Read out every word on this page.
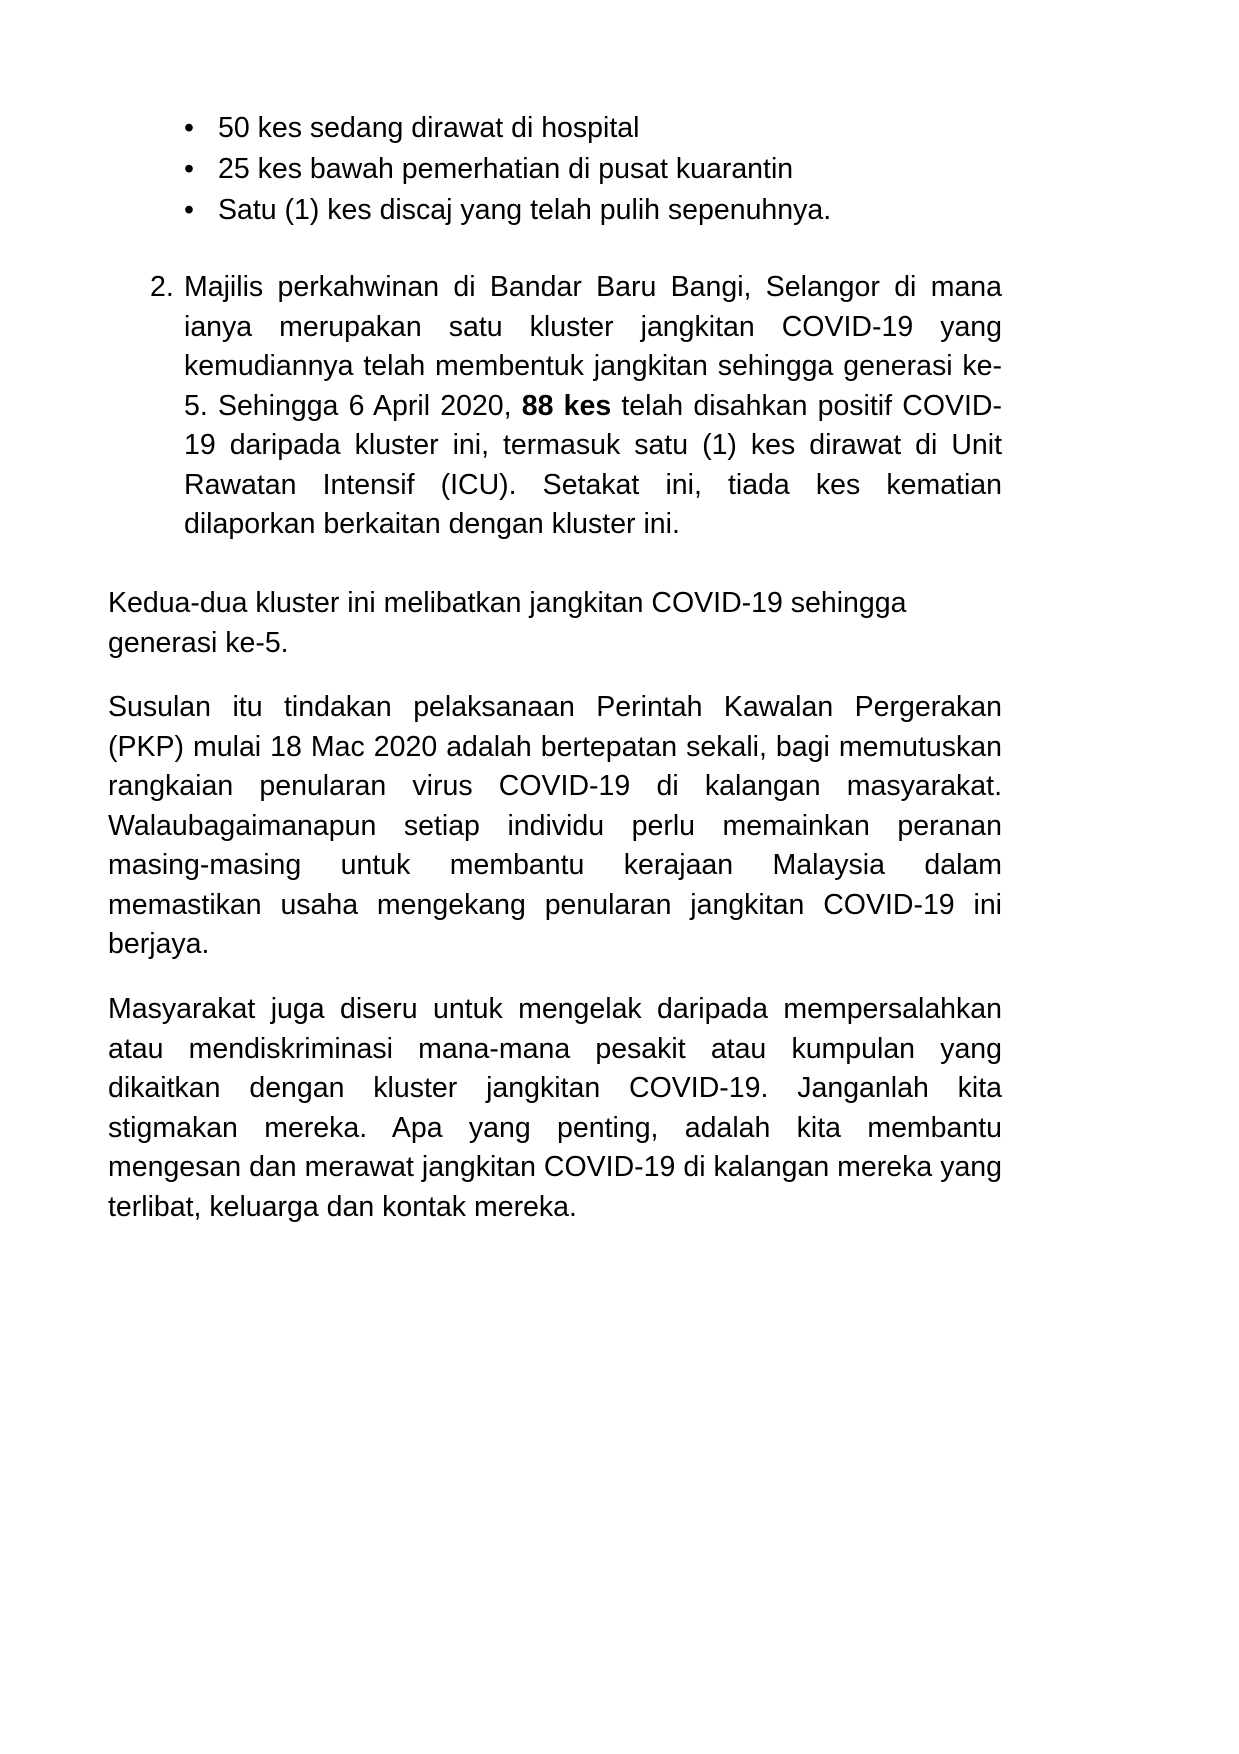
• 50 kes sedang dirawat di hospital
• 25 kes bawah pemerhatian di pusat kuarantin
• Satu (1) kes discaj yang telah pulih sepenuhnya.
2. Majilis perkahwinan di Bandar Baru Bangi, Selangor di mana ianya merupakan satu kluster jangkitan COVID-19 yang kemudiannya telah membentuk jangkitan sehingga generasi ke-5. Sehingga 6 April 2020, 88 kes telah disahkan positif COVID-19 daripada kluster ini, termasuk satu (1) kes dirawat di Unit Rawatan Intensif (ICU). Setakat ini, tiada kes kematian dilaporkan berkaitan dengan kluster ini.

Kedua-dua kluster ini melibatkan jangkitan COVID-19 sehingga generasi ke-5.

Susulan itu tindakan pelaksanaan Perintah Kawalan Pergerakan (PKP) mulai 18 Mac 2020 adalah bertepatan sekali, bagi memutuskan rangkaian penularan virus COVID-19 di kalangan masyarakat. Walaubagaimanapun setiap individu perlu memainkan peranan masing-masing untuk membantu kerajaan Malaysia dalam memastikan usaha mengekang penularan jangkitan COVID-19 ini berjaya.

Masyarakat juga diseru untuk mengelak daripada mempersalahkan atau mendiskriminasi mana-mana pesakit atau kumpulan yang dikaitkan dengan kluster jangkitan COVID-19. Janganlah kita stigmakan mereka. Apa yang penting, adalah kita membantu mengesan dan merawat jangkitan COVID-19 di kalangan mereka yang terlibat, keluarga dan kontak mereka.
